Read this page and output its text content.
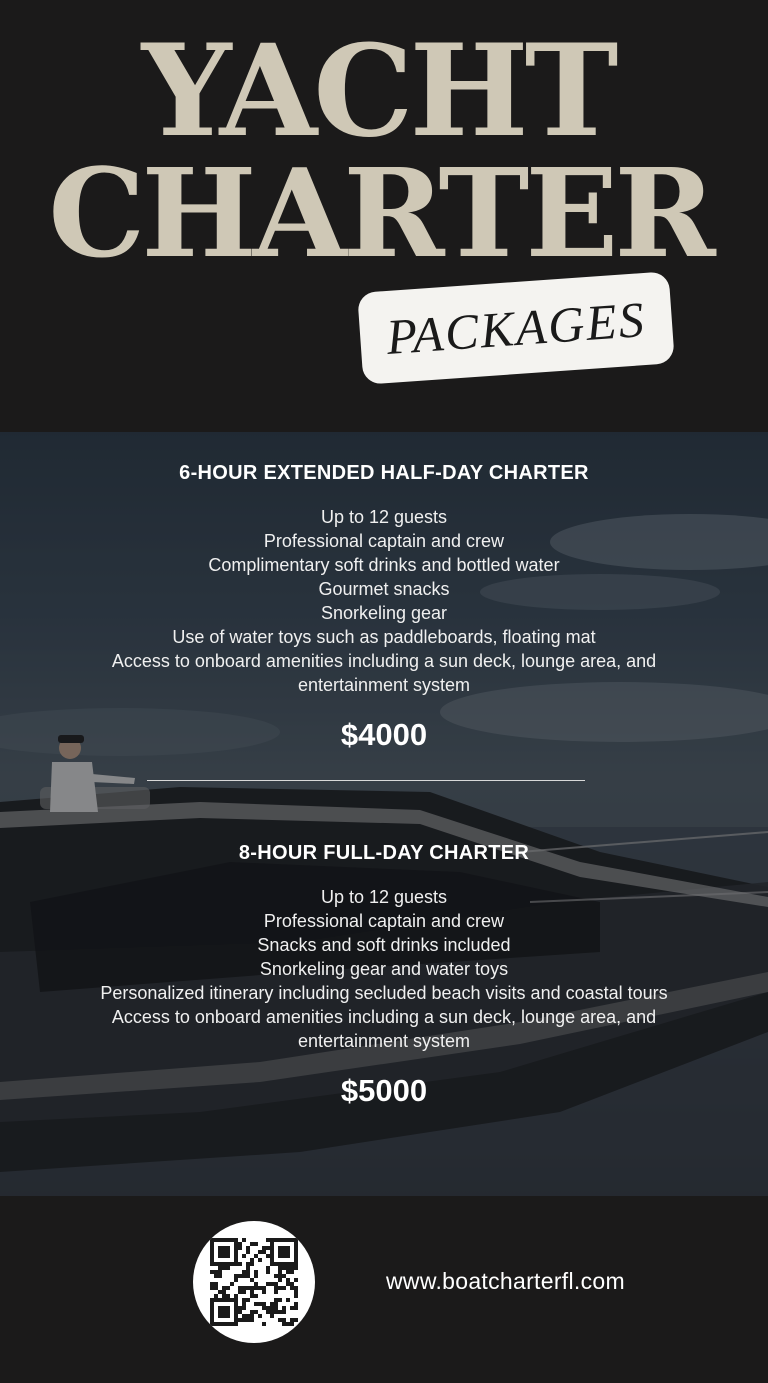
YACHT
CHARTER
PACKAGES
6-HOUR EXTENDED HALF-DAY CHARTER
Up to 12 guests
Professional captain and crew
Complimentary soft drinks and bottled water
Gourmet snacks
Snorkeling gear
Use of water toys such as paddleboards, floating mat
Access to onboard amenities including a sun deck, lounge area, and entertainment system

$4000

8-HOUR FULL-DAY CHARTER
Up to 12 guests
Professional captain and crew
Snacks and soft drinks included
Snorkeling gear and water toys
Personalized itinerary including secluded beach visits and coastal tours
Access to onboard amenities including a sun deck, lounge area, and entertainment system

$5000

www.boatcharterfl.com
